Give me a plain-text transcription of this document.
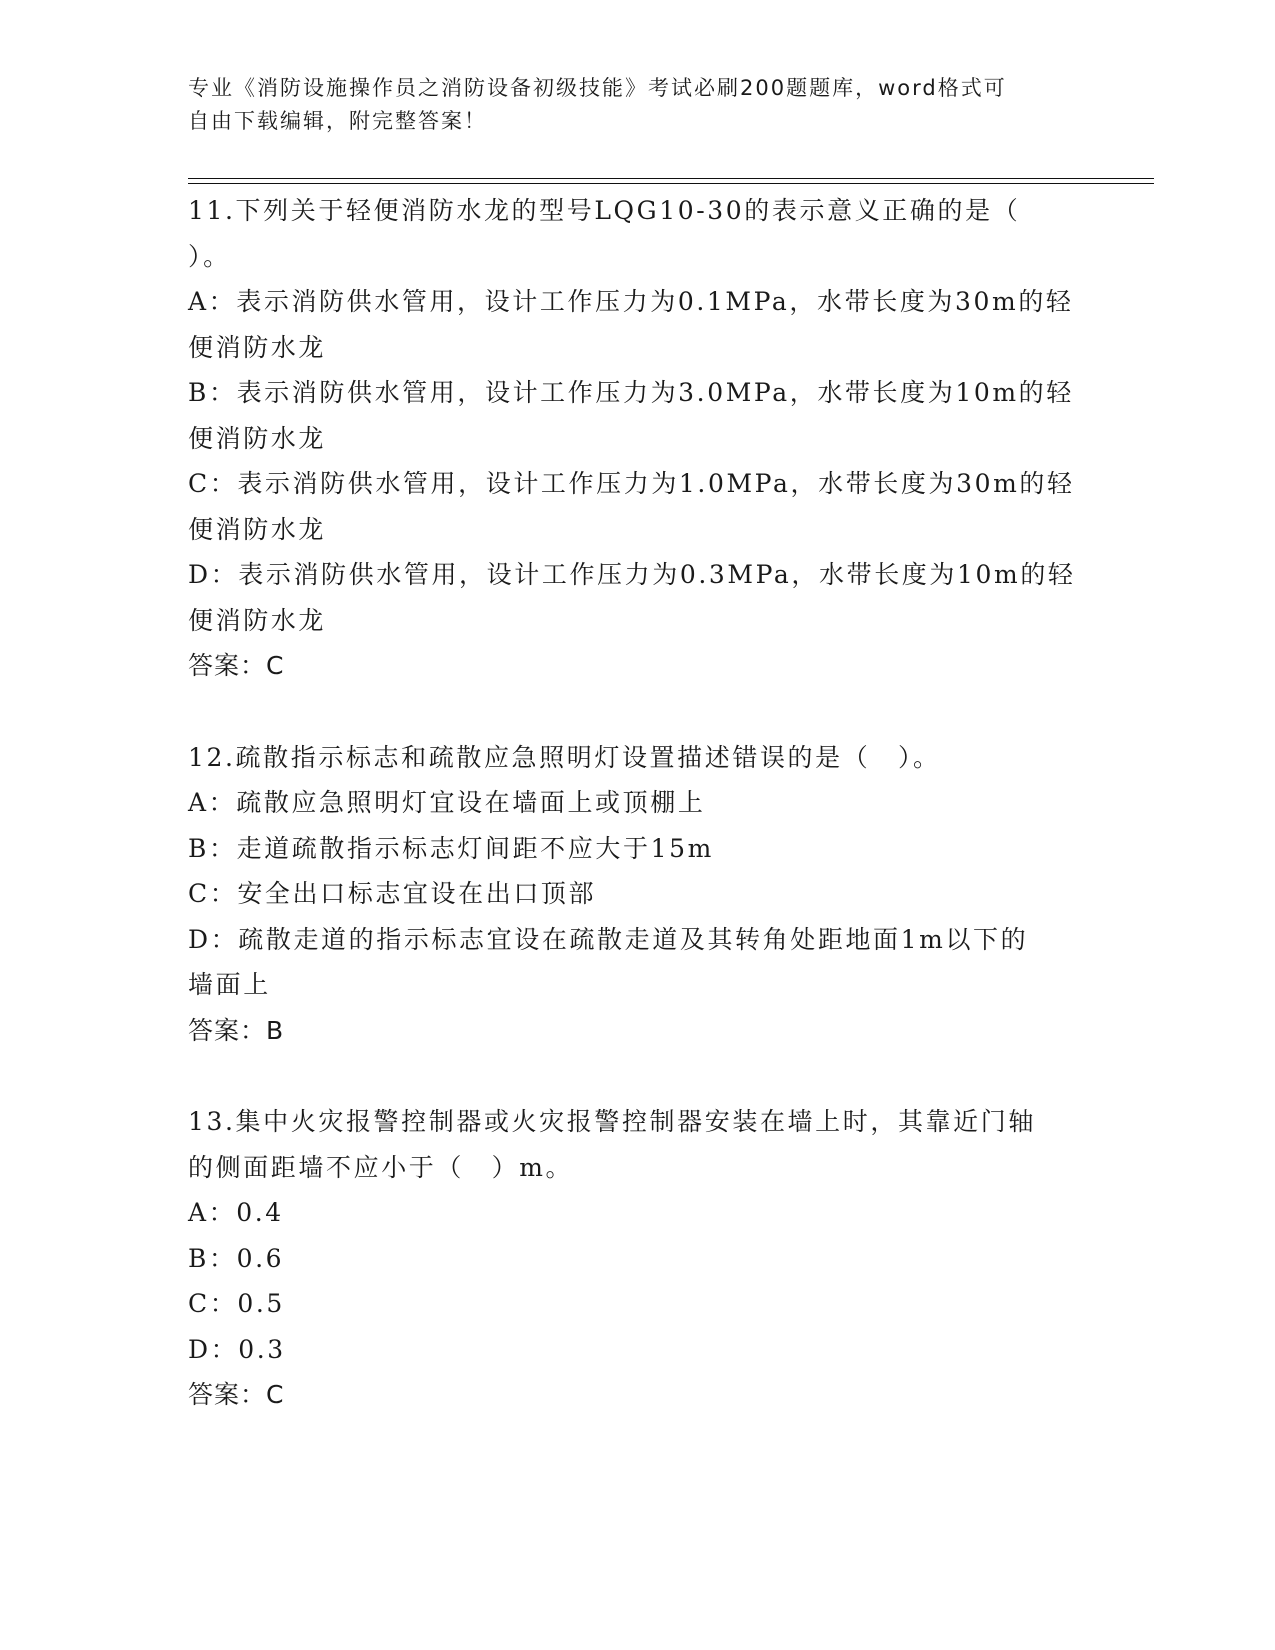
专业《消防设施操作员之消防设备初级技能》考试必刷200题题库，word格式可
自由下载编辑，附完整答案！
11.下列关于轻便消防水龙的型号LQG10-30的表示意义正确的是（
）。
A：表示消防供水管用，设计工作压力为0.1MPa，水带长度为30m的轻
便消防水龙
B：表示消防供水管用，设计工作压力为3.0MPa，水带长度为10m的轻
便消防水龙
C：表示消防供水管用，设计工作压力为1.0MPa，水带长度为30m的轻
便消防水龙
D：表示消防供水管用，设计工作压力为0.3MPa，水带长度为10m的轻
便消防水龙
答案：C
12.疏散指示标志和疏散应急照明灯设置描述错误的是（　）。
A：疏散应急照明灯宜设在墙面上或顶棚上
B：走道疏散指示标志灯间距不应大于15m
C：安全出口标志宜设在出口顶部
D：疏散走道的指示标志宜设在疏散走道及其转角处距地面1m以下的
墙面上
答案：B
13.集中火灾报警控制器或火灾报警控制器安装在墙上时，其靠近门轴
的侧面距墙不应小于（　）m。
A：0.4
B：0.6
C：0.5
D：0.3
答案：C
